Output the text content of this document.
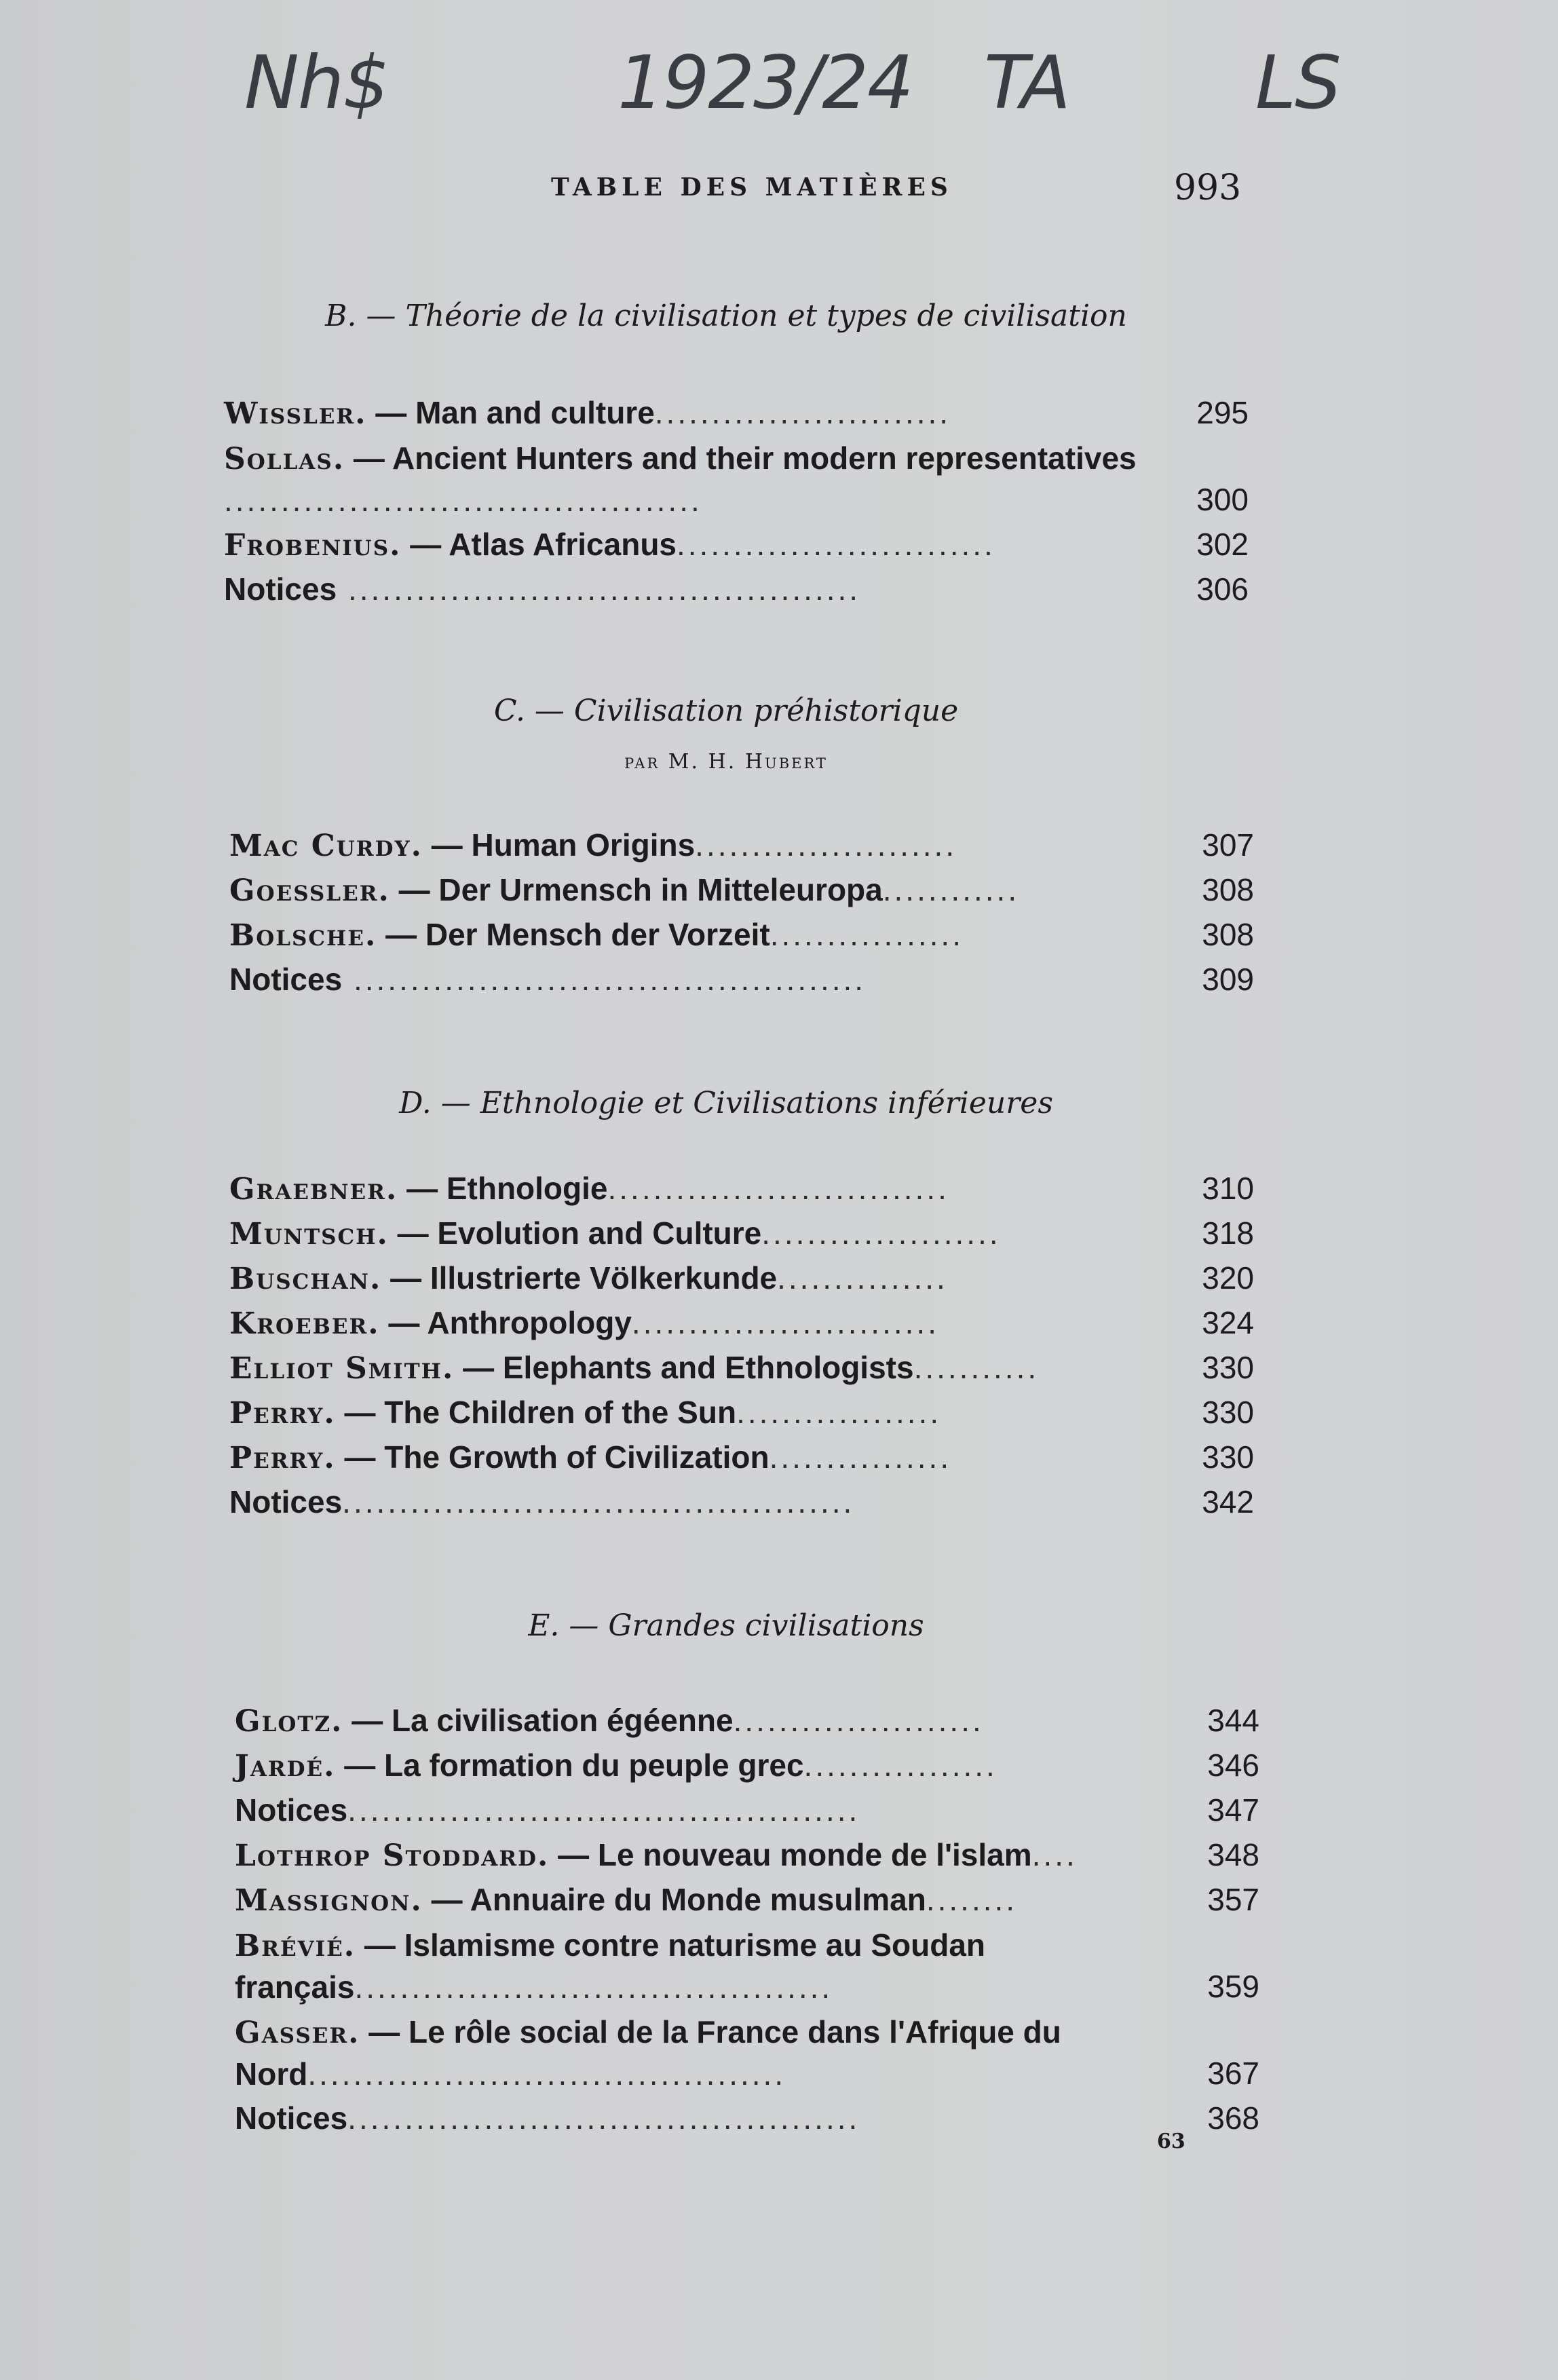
Nh$	1923/24 TA	LS
TABLE DES MATIÈRES	993
B. — Théorie de la civilisation et types de civilisation
Wissler. — Man and culture..........................	295
Sollas. — Ancient Hunters and their modern representatives ..........................................	300
Frobenius. — Atlas Africanus............................	302
Notices .............................................	306
C. — Civilisation préhistorique
par M. H. Hubert
Mac Curdy. — Human Origins.......................	307
Goessler. — Der Urmensch in Mitteleuropa............	308
Bolsche. — Der Mensch der Vorzeit.................	308
Notices .............................................	309
D. — Ethnologie et Civilisations inférieures
Graebner. — Ethnologie..............................	310
Muntsch. — Evolution and Culture.....................	318
Buschan. — Illustrierte Völkerkunde...............	320
Kroeber. — Anthropology...........................	324
Elliot Smith. — Elephants and Ethnologists...........	330
Perry. — The Children of the Sun..................	330
Perry. — The Growth of Civilization................	330
Notices.............................................	342
E. — Grandes civilisations
Glotz. — La civilisation égéenne......................	344
Jardé. — La formation du peuple grec.................	346
Notices.............................................	347
Lothrop Stoddard. — Le nouveau monde de l'islam....	348
Massignon. — Annuaire du Monde musulman........	357
Brévié. — Islamisme contre naturisme au Soudan français..........................................	359
Gasser. — Le rôle social de la France dans l'Afrique du Nord..........................................	367
Notices.............................................	368
63
